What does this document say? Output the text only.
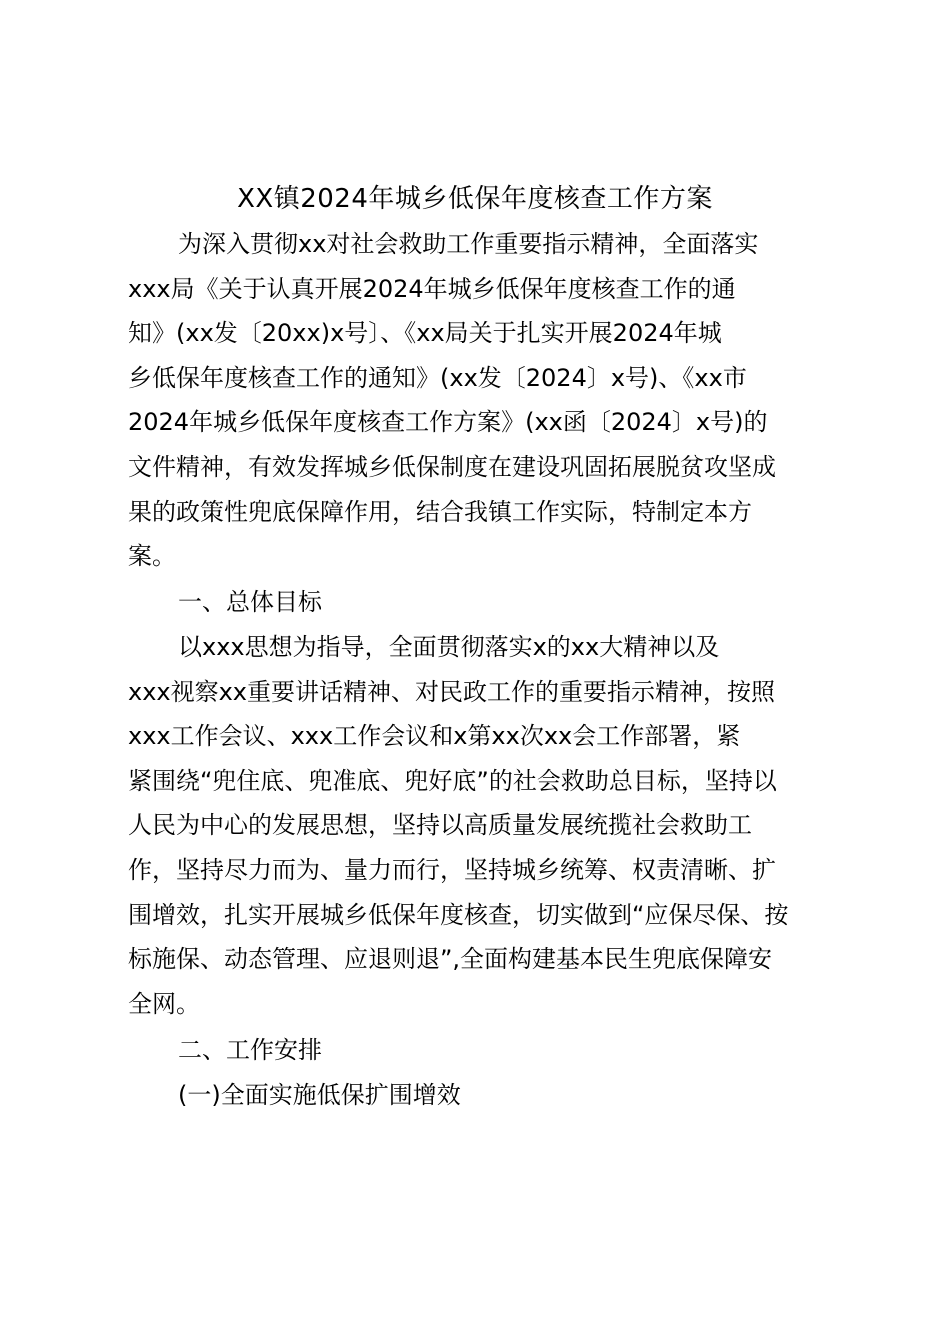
XX镇2024年城乡低保年度核查工作方案
为深入贯彻xx对社会救助工作重要指示精神，全面落实
xxx局《关于认真开展2024年城乡低保年度核查工作的通
知》(xx发〔20xx)x号〕、《xx局关于扎实开展2024年城
乡低保年度核查工作的通知》(xx发〔2024〕x号)、《xx市
2024年城乡低保年度核查工作方案》(xx函〔2024〕x号)的
文件精神，有效发挥城乡低保制度在建设巩固拓展脱贫攻坚成
果的政策性兜底保障作用，结合我镇工作实际，特制定本方
案。
一、总体目标
以xxx思想为指导，全面贯彻落实x的xx大精神以及
xxx视察xx重要讲话精神、对民政工作的重要指示精神，按照
xxx工作会议、xxx工作会议和x第xx次xx会工作部署，紧
紧围绕“兜住底、兜准底、兜好底”的社会救助总目标，坚持以
人民为中心的发展思想，坚持以高质量发展统揽社会救助工
作，坚持尽力而为、量力而行，坚持城乡统筹、权责清晰、扩
围增效，扎实开展城乡低保年度核查，切实做到“应保尽保、按
标施保、动态管理、应退则退”,全面构建基本民生兜底保障安
全网。
二、工作安排
(一)全面实施低保扩围增效
